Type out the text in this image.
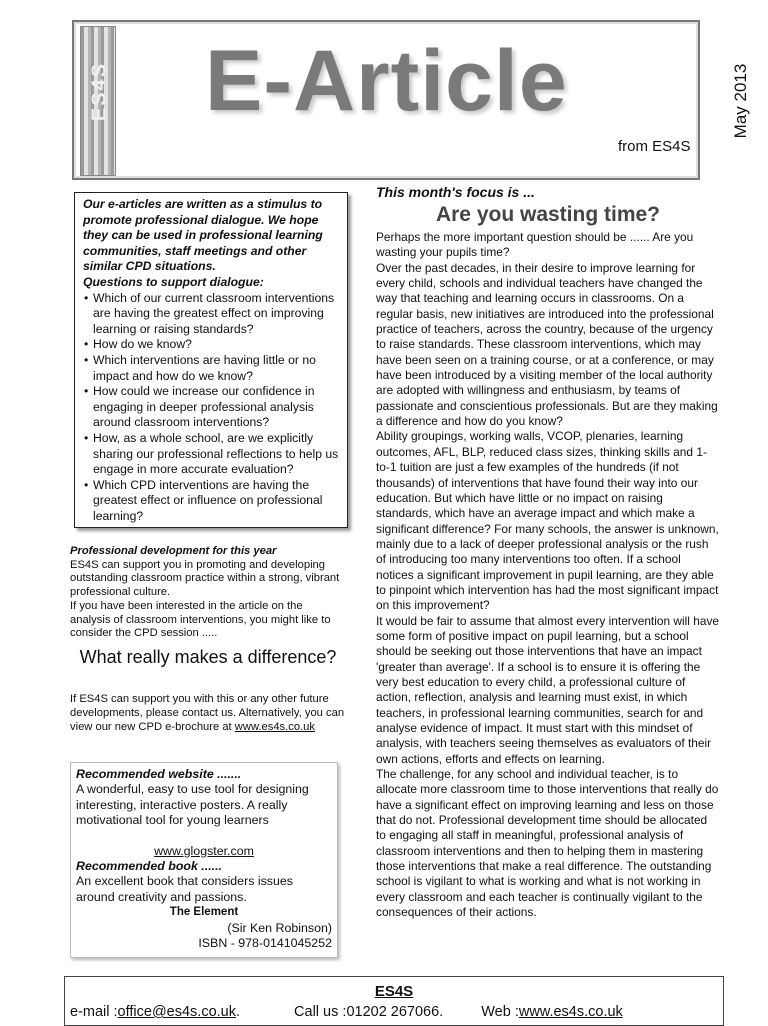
ES4S E-Article
from ES4S
May 2013
Our e-articles are written as a stimulus to promote professional dialogue. We hope they can be used in professional learning communities, staff meetings and other similar CPD situations.
Questions to support dialogue:
• Which of our current classroom interventions are having the greatest effect on improving learning or raising standards?
• How do we know?
• Which interventions are having little or no impact and how do we know?
• How could we increase our confidence in engaging in deeper professional analysis around classroom interventions?
• How, as a whole school, are we explicitly sharing our professional reflections to help us engage in more accurate evaluation?
• Which CPD interventions are having the greatest effect or influence on professional learning?
Professional development for this year
ES4S can support you in promoting and developing outstanding classroom practice within a strong, vibrant professional culture.
If you have been interested in the article on the analysis of classroom interventions, you might like to consider the CPD session .....
What really makes a difference?
If ES4S can support you with this or any other future developments, please contact us. Alternatively, you can view our new CPD e-brochure at www.es4s.co.uk
Recommended website .......
A wonderful, easy to use tool for designing interesting, interactive posters. A really motivational tool for young learners
www.glogster.com
Recommended book ......
An excellent book that considers issues around creativity and passions.
The Element
(Sir Ken Robinson)
ISBN - 978-0141045252
This month's focus is ...
Are you wasting time?

Perhaps the more important question should be ...... Are you wasting your pupils time?

Over the past decades, in their desire to improve learning for every child, schools and individual teachers have changed the way that teaching and learning occurs in classrooms. On a regular basis, new initiatives are introduced into the professional practice of teachers, across the country, because of the urgency to raise standards. These classroom interventions, which may have been seen on a training course, or at a conference, or may have been introduced by a visiting member of the local authority are adopted with willingness and enthusiasm, by teams of passionate and conscientious professionals. But are they making a difference and how do you know?

Ability groupings, working walls, VCOP, plenaries, learning outcomes, AFL, BLP, reduced class sizes, thinking skills and 1-to-1 tuition are just a few examples of the hundreds (if not thousands) of interventions that have found their way into our education. But which have little or no impact on raising standards, which have an average impact and which make a significant difference? For many schools, the answer is unknown, mainly due to a lack of deeper professional analysis or the rush of introducing too many interventions too often. If a school notices a significant improvement in pupil learning, are they able to pinpoint which intervention has had the most significant impact on this improvement?

It would be fair to assume that almost every intervention will have some form of positive impact on pupil learning, but a school should be seeking out those interventions that have an impact 'greater than average'. If a school is to ensure it is offering the very best education to every child, a professional culture of action, reflection, analysis and learning must exist, in which teachers, in professional learning communities, search for and analyse evidence of impact. It must start with this mindset of analysis, with teachers seeing themselves as evaluators of their own actions, efforts and effects on learning.

The challenge, for any school and individual teacher, is to allocate more classroom time to those interventions that really do have a significant effect on improving learning and less on those that do not. Professional development time should be allocated to engaging all staff in meaningful, professional analysis of classroom interventions and then to helping them in mastering those interventions that make a real difference. The outstanding school is vigilant to what is working and what is not working in every classroom and each teacher is continually vigilant to the consequences of their actions.

ES4S
e-mail :office@es4s.co.uk.	Call us :01202 267066.	Web :www.es4s.co.uk
